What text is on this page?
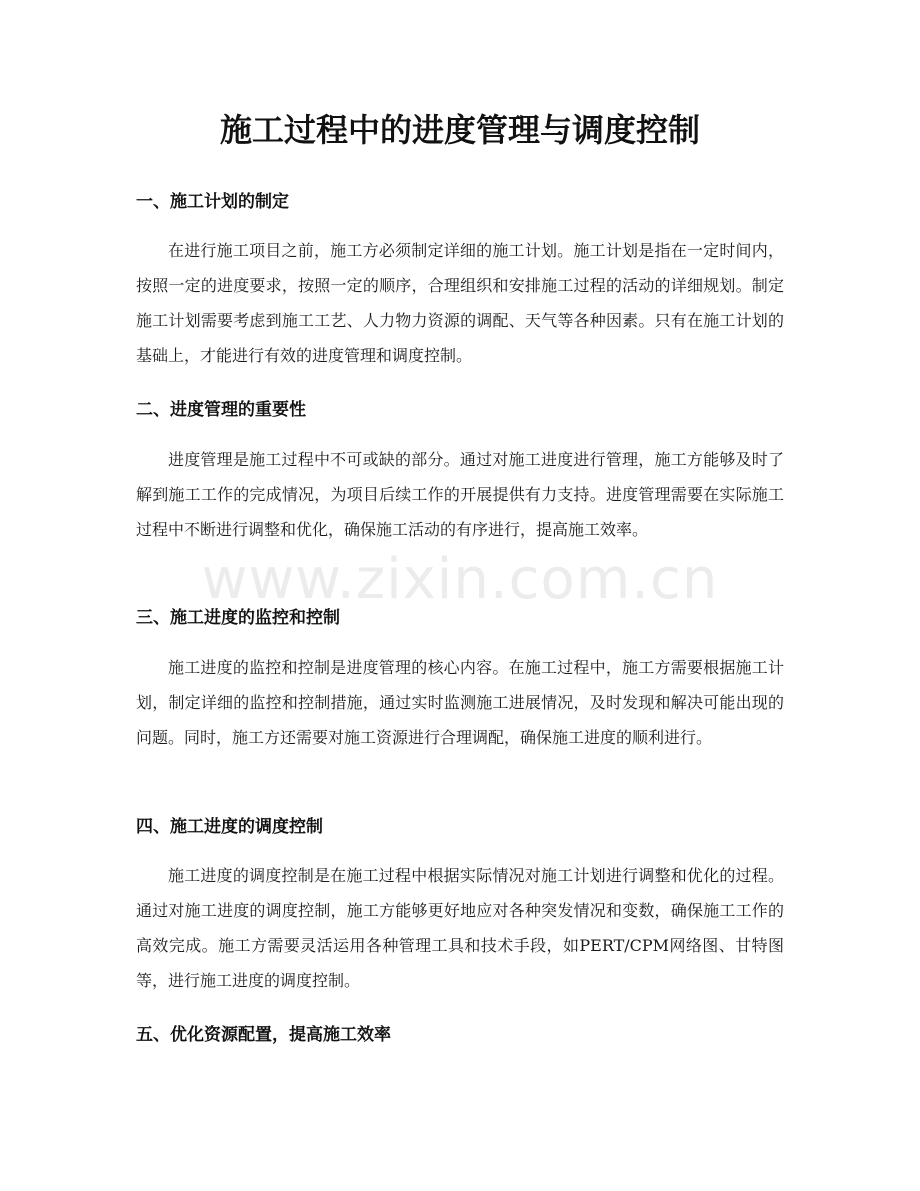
www.zixin.com.cn
施工过程中的进度管理与调度控制
一、施工计划的制定

在进行施工项目之前，施工方必须制定详细的施工计划。施工计划是指在一定时间内，按照一定的进度要求，按照一定的顺序，合理组织和安排施工过程的活动的详细规划。制定施工计划需要考虑到施工工艺、人力物力资源的调配、天气等各种因素。只有在施工计划的基础上，才能进行有效的进度管理和调度控制。

二、进度管理的重要性

进度管理是施工过程中不可或缺的部分。通过对施工进度进行管理，施工方能够及时了解到施工工作的完成情况，为项目后续工作的开展提供有力支持。进度管理需要在实际施工过程中不断进行调整和优化，确保施工活动的有序进行，提高施工效率。

三、施工进度的监控和控制

施工进度的监控和控制是进度管理的核心内容。在施工过程中，施工方需要根据施工计划，制定详细的监控和控制措施，通过实时监测施工进展情况，及时发现和解决可能出现的问题。同时，施工方还需要对施工资源进行合理调配，确保施工进度的顺利进行。

四、施工进度的调度控制

施工进度的调度控制是在施工过程中根据实际情况对施工计划进行调整和优化的过程。通过对施工进度的调度控制，施工方能够更好地应对各种突发情况和变数，确保施工工作的高效完成。施工方需要灵活运用各种管理工具和技术手段，如PERT/CPM网络图、甘特图等，进行施工进度的调度控制。

五、优化资源配置，提高施工效率
